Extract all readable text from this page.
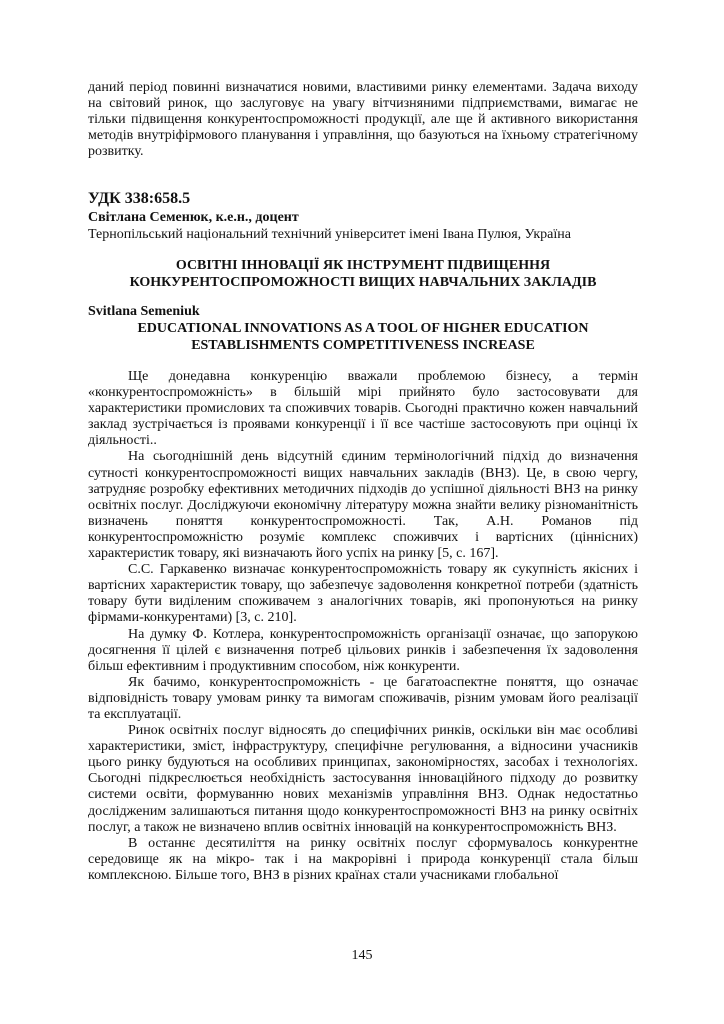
даний період повинні визначатися новими, властивими ринку елементами. Задача виходу на світовий ринок, що заслуговує на увагу вітчизняними підприємствами, вимагає не тільки підвищення конкурентоспроможності продукції, але ще й активного використання методів внутріфірмового планування і управління, що базуються на їхньому стратегічному розвитку.
УДК 338:658.5
Світлана Семенюк, к.е.н., доцент
Тернопільський національний технічний університет імені Івана Пулюя, Україна
ОСВІТНІ ІННОВАЦІЇ ЯК ІНСТРУМЕНТ ПІДВИЩЕННЯ
КОНКУРЕНТОСПРОМОЖНОСТІ ВИЩИХ НАВЧАЛЬНИХ ЗАКЛАДІВ
Svitlana Semeniuk
EDUCATIONAL INNOVATIONS AS A TOOL OF HIGHER EDUCATION
ESTABLISHMENTS COMPETITIVENESS INCREASE

Ще донедавна конкуренцію вважали проблемою бізнесу, а термін «конкурентоспроможність» в більшій мірі прийнято було застосовувати для характеристики промислових та споживчих товарів. Сьогодні практично кожен навчальний заклад зустрічається із проявами конкуренції і її все частіше застосовують при оцінці їх діяльності..

На сьогоднішній день відсутній єдиним термінологічний підхід до визначення сутності конкурентоспроможності вищих навчальних закладів (ВНЗ). Це, в свою чергу, затрудняє розробку ефективних методичних підходів до успішної діяльності ВНЗ на ринку освітніх послуг. Досліджуючи економічну літературу можна знайти велику різноманітність визначень поняття конкурентоспроможності. Так, А.Н. Романов під конкурентоспроможністю розуміє комплекс споживчих і вартісних (ціннісних) характеристик товару, які визначають його успіх на ринку [5, с. 167].

С.С. Гаркавенко визначає конкурентоспроможність товару як сукупність якісних і вартісних характеристик товару, що забезпечує задоволення конкретної потреби (здатність товару бути виділеним споживачем з аналогічних товарів, які пропонуються на ринку фірмами-конкурентами) [3, с. 210].

На думку Ф. Котлера, конкурентоспроможність організації означає, що запорукою досягнення її цілей є визначення потреб цільових ринків і забезпечення їх задоволення більш ефективним і продуктивним способом, ніж конкуренти.

Як бачимо, конкурентоспроможність - це багатоаспектне поняття, що означає відповідність товару умовам ринку та вимогам споживачів, різним умовам його реалізації та експлуатації.

Ринок освітніх послуг відносять до специфічних ринків, оскільки він має особливі характеристики, зміст, інфраструктуру, специфічне регулювання, а відносини учасників цього ринку будуються на особливих принципах, закономірностях, засобах і технологіях. Сьогодні підкреслюється необхідність застосування інноваційного підходу до розвитку системи освіти, формуванню нових механізмів управління ВНЗ. Однак недостатньо дослідженим залишаються питання щодо конкурентоспроможності ВНЗ на ринку освітніх послуг, а також не визначено вплив освітніх інновацій на конкурентоспроможність ВНЗ.

В останнє десятиліття на ринку освітніх послуг сформувалось конкурентне середовище як на мікро- так і на макрорівні і природа конкуренції стала більш комплексною. Більше того, ВНЗ в різних країнах стали учасниками глобальної

145
